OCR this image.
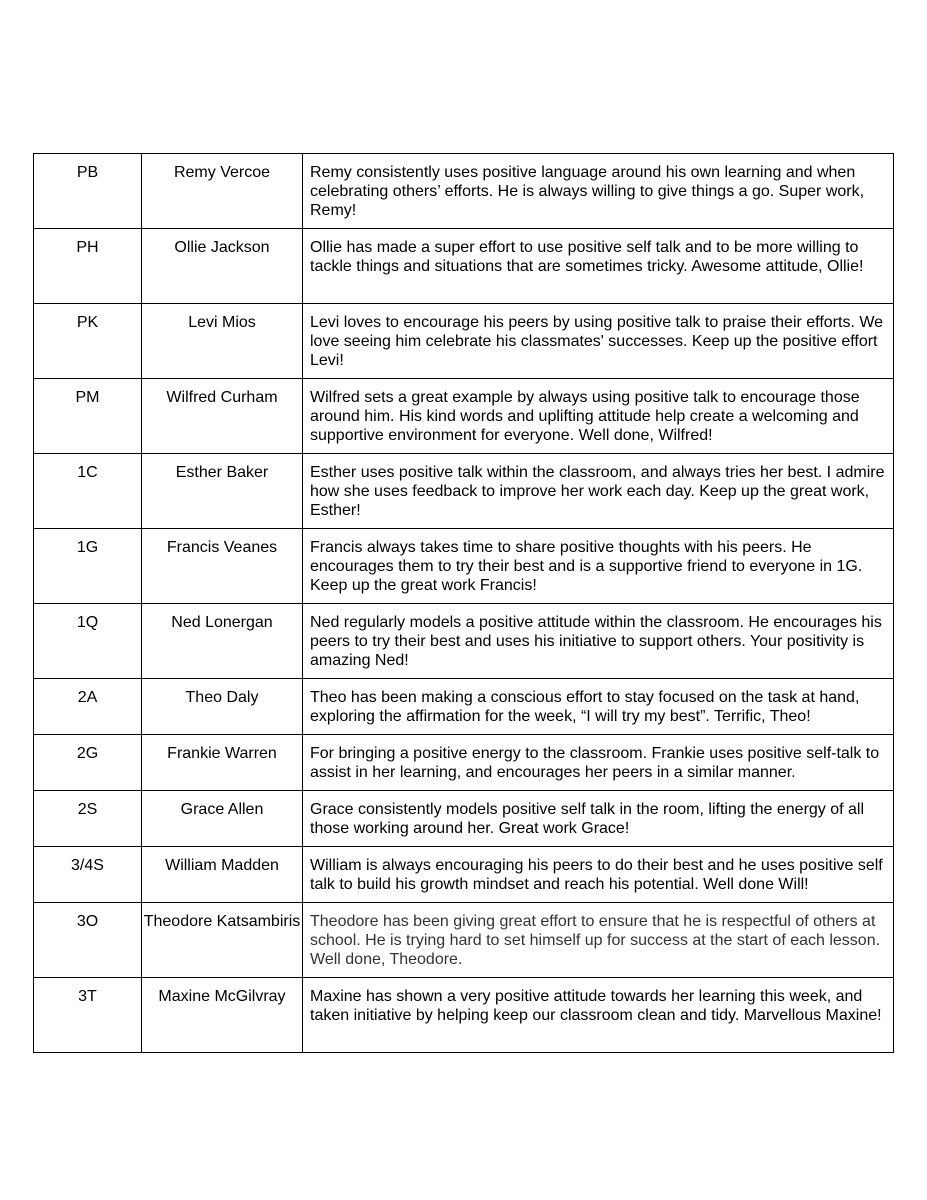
PB	Remy Vercoe	Remy consistently uses positive language around his own learning and when celebrating others’ efforts. He is always willing to give things a go. Super work, Remy!
PH	Ollie Jackson	Ollie has made a super effort to use positive self talk and to be more willing to tackle things and situations that are sometimes tricky. Awesome attitude, Ollie!
PK	Levi Mios	Levi loves to encourage his peers by using positive talk to praise their efforts. We love seeing him celebrate his classmates' successes. Keep up the positive effort Levi!
PM	Wilfred Curham	Wilfred sets a great example by always using positive talk to encourage those around him. His kind words and uplifting attitude help create a welcoming and supportive environment for everyone. Well done, Wilfred!
1C	Esther Baker	Esther uses positive talk within the classroom, and always tries her best. I admire how she uses feedback to improve her work each day. Keep up the great work, Esther!
1G	Francis Veanes	Francis always takes time to share positive thoughts with his peers. He encourages them to try their best and is a supportive friend to everyone in 1G. Keep up the great work Francis!
1Q	Ned Lonergan	Ned regularly models a positive attitude within the classroom. He encourages his peers to try their best and uses his initiative to support others. Your positivity is amazing Ned!
2A	Theo Daly	Theo has been making a conscious effort to stay focused on the task at hand, exploring the affirmation for the week, “I will try my best”. Terrific, Theo!
2G	Frankie Warren	For bringing a positive energy to the classroom. Frankie uses positive self-talk to assist in her learning, and encourages her peers in a similar manner.
2S	Grace Allen	Grace consistently models positive self talk in the room, lifting the energy of all those working around her. Great work Grace!
3/4S	William Madden	William is always encouraging his peers to do their best and he uses positive self talk to build his growth mindset and reach his potential. Well done Will!
3O	Theodore Katsambiris	Theodore has been giving great effort to ensure that he is respectful of others at school. He is trying hard to set himself up for success at the start of each lesson. Well done, Theodore.
3T	Maxine McGilvray	Maxine has shown a very positive attitude towards her learning this week, and taken initiative by helping keep our classroom clean and tidy. Marvellous Maxine!
